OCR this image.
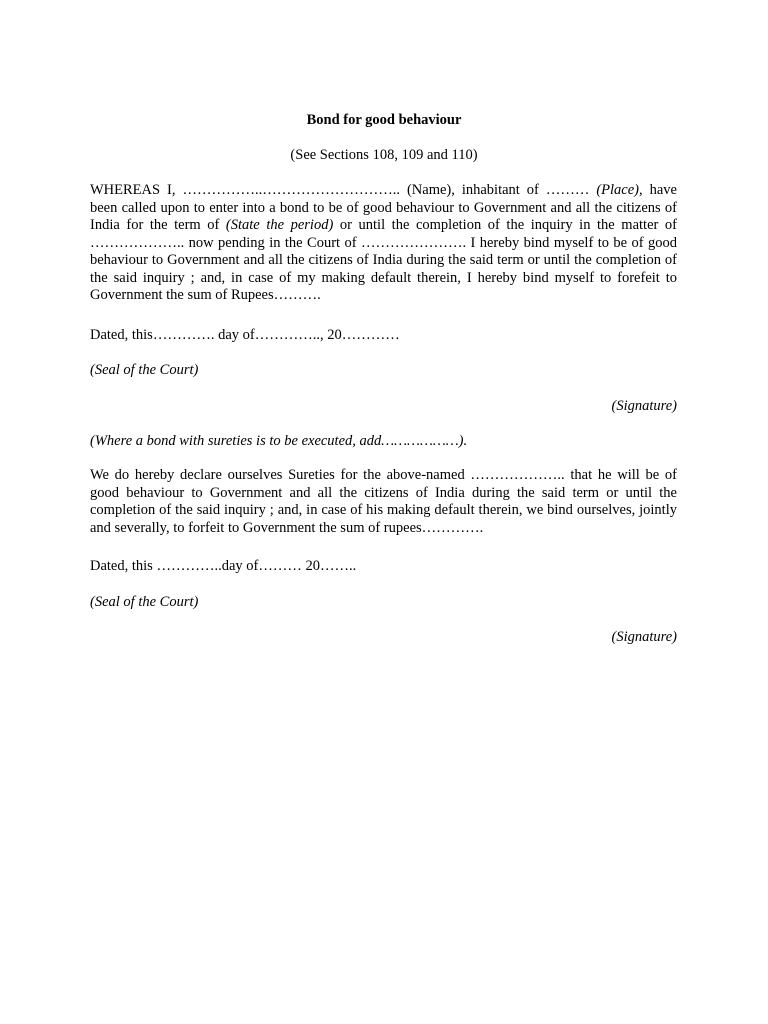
Bond for good behaviour
(See Sections 108, 109 and 110)

WHEREAS I, ……………..……………………….. (Name), inhabitant of ……… (Place), have been called upon to enter into a bond to be of good behaviour to Government and all the citizens of India for the term of (State the period) or until the completion of the inquiry in the matter of ……………….. now pending in the Court of …………………. I hereby bind myself to be of good behaviour to Government and all the citizens of India during the said term or until the completion of the said inquiry ; and, in case of my making default therein, I hereby bind myself to forefeit to Government the sum of Rupees……….

Dated, this…………. day of………….., 20…………

(Seal of the Court)

(Signature)

(Where a bond with sureties is to be executed, add………………).

We do hereby declare ourselves Sureties for the above-named ……………….. that he will be of good behaviour to Government and all the citizens of India during the said term or until the completion of the said inquiry ; and, in case of his making default therein, we bind ourselves, jointly and severally, to forfeit to Government the sum of rupees………….

Dated, this …………..day of……… 20……..

(Seal of the Court)

(Signature)
